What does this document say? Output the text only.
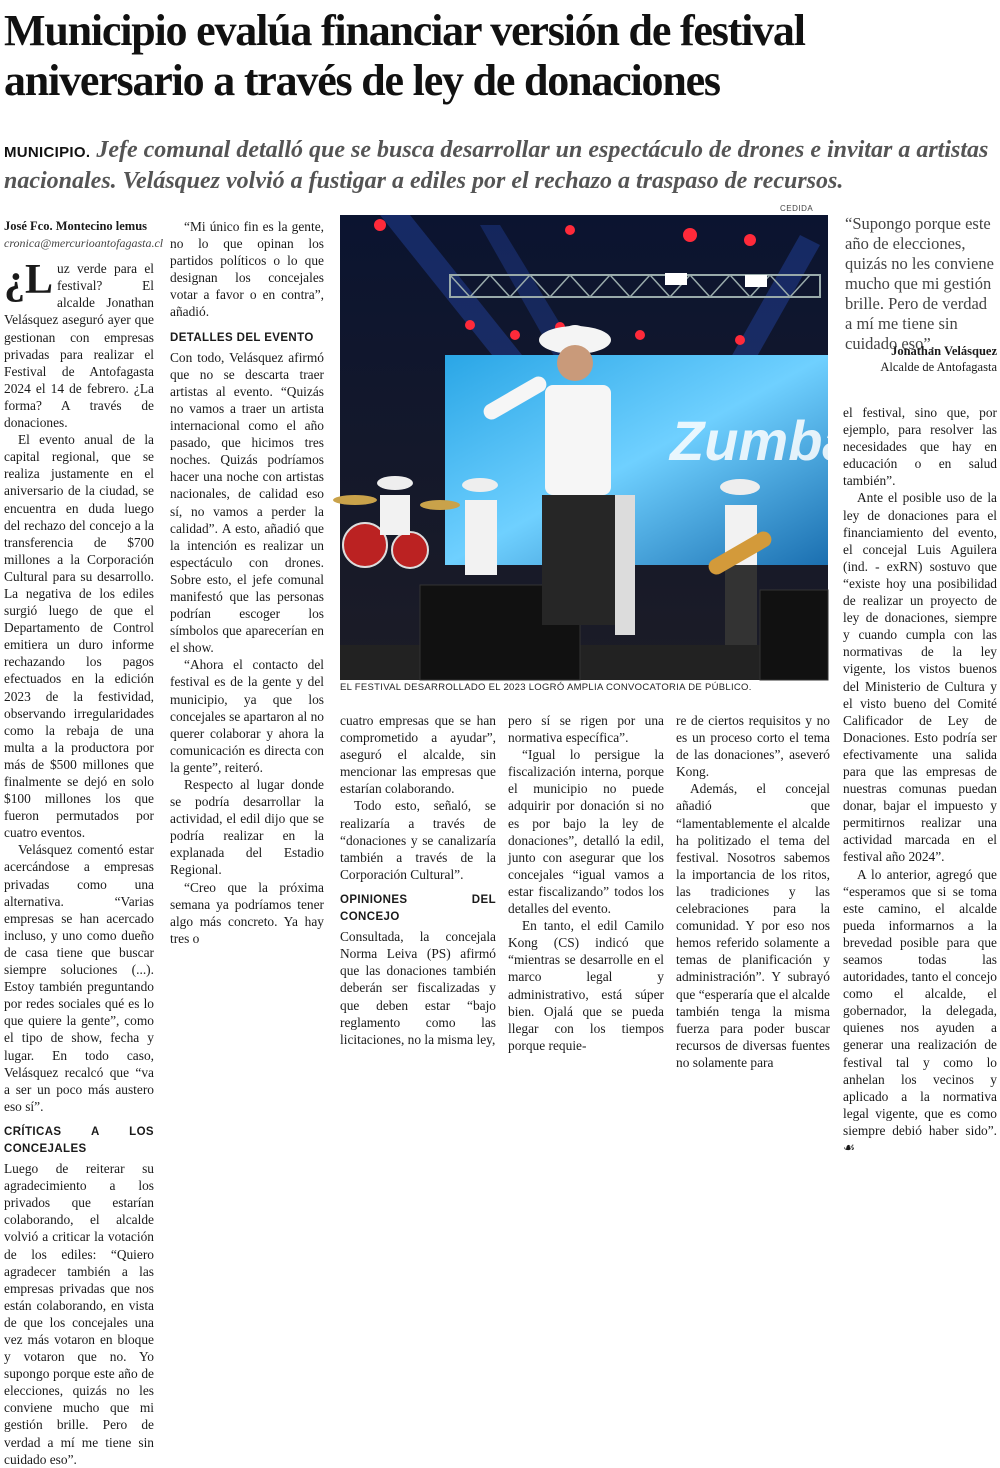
Municipio evalúa financiar versión de festival aniversario a través de ley de donaciones
MUNICIPIO. Jefe comunal detalló que se busca desarrollar un espectáculo de drones e invitar a artistas nacionales. Velásquez volvió a fustigar a ediles por el rechazo a traspaso de recursos.
José Fco. Montecino lemus
cronica@mercurioantofagasta.cl

¿L uz verde para el festival? El alcalde Jonathan Velásquez aseguró ayer que gestionan con empresas privadas para realizar el Festival de Antofagasta 2024 el 14 de febrero. ¿La forma? A través de donaciones.

El evento anual de la capital regional, que se realiza justamente en el aniversario de la ciudad, se encuentra en duda luego del rechazo del concejo a la transferencia de $700 millones a la Corporación Cultural para su desarrollo. La negativa de los ediles surgió luego de que el Departamento de Control emitiera un duro informe rechazando los pagos efectuados en la edición 2023 de la festividad, observando irregularidades como la rebaja de una multa a la productora por más de $500 millones que finalmente se dejó en solo $100 millones los que fueron permutados por cuatro eventos.

Velásquez comentó estar acercándose a empresas privadas como una alternativa. “Varias empresas se han acercado incluso, y uno como dueño de casa tiene que buscar siempre soluciones (...). Estoy también preguntando por redes sociales qué es lo que quiere la gente”, como el tipo de show, fecha y lugar. En todo caso, Velásquez recalcó que “va a ser un poco más austero eso sí”.

CRÍTICAS A LOS CONCEJALES

Luego de reiterar su agradecimiento a los privados que estarían colaborando, el alcalde volvió a criticar la votación de los ediles: “Quiero agradecer también a las empresas privadas que nos están colaborando, en vista de que los concejales una vez más votaron en bloque y votaron que no. Yo supongo porque este año de elecciones, quizás no les conviene mucho que mi gestión brille. Pero de verdad a mí me tiene sin cuidado eso”.

“Mi único fin es la gente, no lo que opinan los partidos políticos o lo que designan los concejales votar a favor o en contra”, añadió.

DETALLES DEL EVENTO

Con todo, Velásquez afirmó que no se descarta traer artistas al evento. “Quizás no vamos a traer un artista internacional como el año pasado, que hicimos tres noches. Quizás podríamos hacer una noche con artistas nacionales, de calidad eso sí, no vamos a perder la calidad”. A esto, añadió que la intención es realizar un espectáculo con drones. Sobre esto, el jefe comunal manifestó que las personas podrían escoger los símbolos que aparecerían en el show.

“Ahora el contacto del festival es de la gente y del municipio, ya que los concejales se apartaron al no querer colaborar y ahora la comunicación es directa con la gente”, reiteró.

Respecto al lugar donde se podría desarrollar la actividad, el edil dijo que se podría realizar en la explanada del Estadio Regional.

“Creo que la próxima semana ya podríamos tener algo más concreto. Ya hay tres o

CEDIDA
Zumba
EL FESTIVAL DESARROLLADO EL 2023 LOGRÓ AMPLIA CONVOCATORIA DE PÚBLICO.

cuatro empresas que se han comprometido a ayudar”, aseguró el alcalde, sin mencionar las empresas que estarían colaborando.

Todo esto, señaló, se realizaría a través de “donaciones y se canalizaría también a través de la Corporación Cultural”.

OPINIONES DEL CONCEJO

Consultada, la concejala Norma Leiva (PS) afirmó que las donaciones también deberán ser fiscalizadas y que deben estar “bajo reglamento como las licitaciones, no la misma ley,

pero sí se rigen por una normativa específica”.

“Igual lo persigue la fiscalización interna, porque el municipio no puede adquirir por donación si no es por bajo la ley de donaciones”, detalló la edil, junto con asegurar que los concejales “igual vamos a estar fiscalizando” todos los detalles del evento.

En tanto, el edil Camilo Kong (CS) indicó que “mientras se desarrolle en el marco legal y administrativo, está súper bien. Ojalá que se pueda llegar con los tiempos porque requie-

re de ciertos requisitos y no es un proceso corto el tema de las donaciones”, aseveró Kong.

Además, el concejal añadió que “lamentablemente el alcalde ha politizado el tema del festival. Nosotros sabemos la importancia de los ritos, las tradiciones y las celebraciones para la comunidad. Y por eso nos hemos referido solamente a temas de planificación y administración”. Y subrayó que “esperaría que el alcalde también tenga la misma fuerza para poder buscar recursos de diversas fuentes no solamente para

“Supongo porque este año de elecciones, quizás no les conviene mucho que mi gestión brille. Pero de verdad a mí me tiene sin cuidado eso”.
Jonathan Velásquez
Alcalde de Antofagasta

el festival, sino que, por ejemplo, para resolver las necesidades que hay en educación o en salud también”.

Ante el posible uso de la ley de donaciones para el financiamiento del evento, el concejal Luis Aguilera (ind. - exRN) sostuvo que “existe hoy una posibilidad de realizar un proyecto de ley de donaciones, siempre y cuando cumpla con las normativas de la ley vigente, los vistos buenos del Ministerio de Cultura y el visto bueno del Comité Calificador de Ley de Donaciones. Esto podría ser efectivamente una salida para que las empresas de nuestras comunas puedan donar, bajar el impuesto y permitirnos realizar una actividad marcada en el festival año 2024”.

A lo anterior, agregó que “esperamos que si se toma este camino, el alcalde pueda informarnos a la brevedad posible para que seamos todas las autoridades, tanto el concejo como el alcalde, el gobernador, la delegada, quienes nos ayuden a generar una realización de festival tal y como lo anhelan los vecinos y aplicado a la normativa legal vigente, que es como siempre debió haber sido”. ☙
